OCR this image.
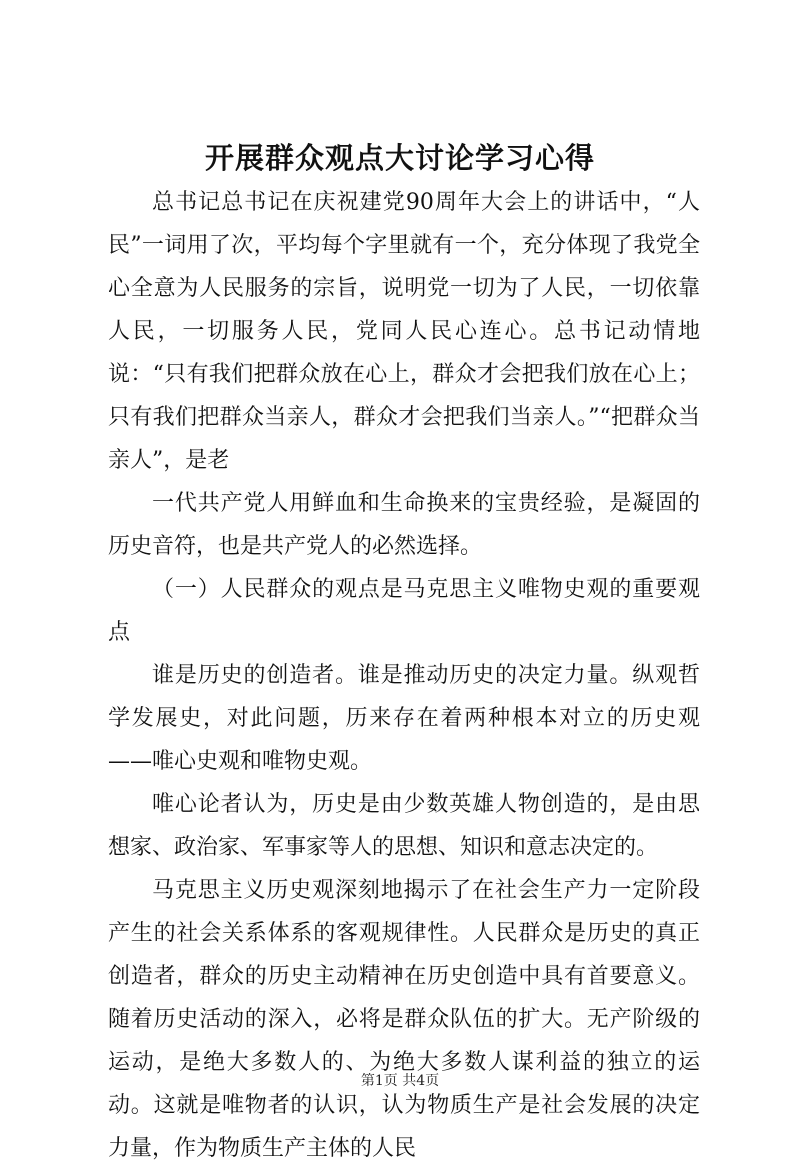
开展群众观点大讨论学习心得

总书记总书记在庆祝建党90周年大会上的讲话中，“人民”一词用了次，平均每个字里就有一个，充分体现了我党全心全意为人民服务的宗旨，说明党一切为了人民，一切依靠人民，一切服务人民，党同人民心连心。总书记动情地说：“只有我们把群众放在心上，群众才会把我们放在心上；只有我们把群众当亲人，群众才会把我们当亲人。”“把群众当亲人”，是老

一代共产党人用鲜血和生命换来的宝贵经验，是凝固的历史音符，也是共产党人的必然选择。

（一）人民群众的观点是马克思主义唯物史观的重要观点

谁是历史的创造者。谁是推动历史的决定力量。纵观哲学发展史，对此问题，历来存在着两种根本对立的历史观——唯心史观和唯物史观。

唯心论者认为，历史是由少数英雄人物创造的，是由思想家、政治家、军事家等人的思想、知识和意志决定的。

马克思主义历史观深刻地揭示了在社会生产力一定阶段产生的社会关系体系的客观规律性。人民群众是历史的真正创造者，群众的历史主动精神在历史创造中具有首要意义。随着历史活动的深入，必将是群众队伍的扩大。无产阶级的运动，是绝大多数人的、为绝大多数人谋利益的独立的运动。这就是唯物者的认识，认为物质生产是社会发展的决定力量，作为物质生产主体的人民

第1页 共4页
